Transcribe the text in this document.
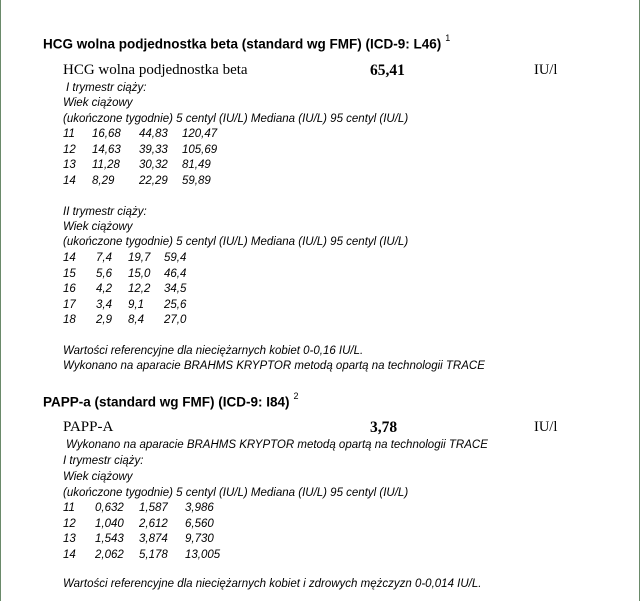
HCG wolna podjednostka beta (standard wg FMF) (ICD-9: L46) $^1$
HCG wolna podjednostka beta	65,41	IU/l
I trymestr ciąży:
Wiek ciążowy
(ukończone tygodnie) 5 centyl (IU/L) Mediana (IU/L) 95 centyl (IU/L)
11 16,68 44,83 120,47
12 14,63 39,33 105,69
13 11,28 30,32 81,49
14 8,29 22,29 59,89
II trymestr ciąży:
Wiek ciążowy
(ukończone tygodnie) 5 centyl (IU/L) Mediana (IU/L) 95 centyl (IU/L)
14 7,4 19,7 59,4
15 5,6 15,0 46,4
16 4,2 12,2 34,5
17 3,4 9,1 25,6
18 2,9 8,4 27,0
Wartości referencyjne dla nieciężarnych kobiet 0-0,16 IU/L.
Wykonano na aparacie BRAHMS KRYPTOR metodą opartą na technologii TRACE
PAPP-a (standard wg FMF) (ICD-9: I84) $^2$
PAPP-A	3,78	IU/l
Wykonano na aparacie BRAHMS KRYPTOR metodą opartą na technologii TRACE
I trymestr ciąży:
Wiek ciążowy
(ukończone tygodnie) 5 centyl (IU/L) Mediana (IU/L) 95 centyl (IU/L)
11 0,632 1,587 3,986
12 1,040 2,612 6,560
13 1,543 3,874 9,730
14 2,062 5,178 13,005
Wartości referencyjne dla nieciężarnych kobiet i zdrowych mężczyzn 0-0,014 IU/L.
